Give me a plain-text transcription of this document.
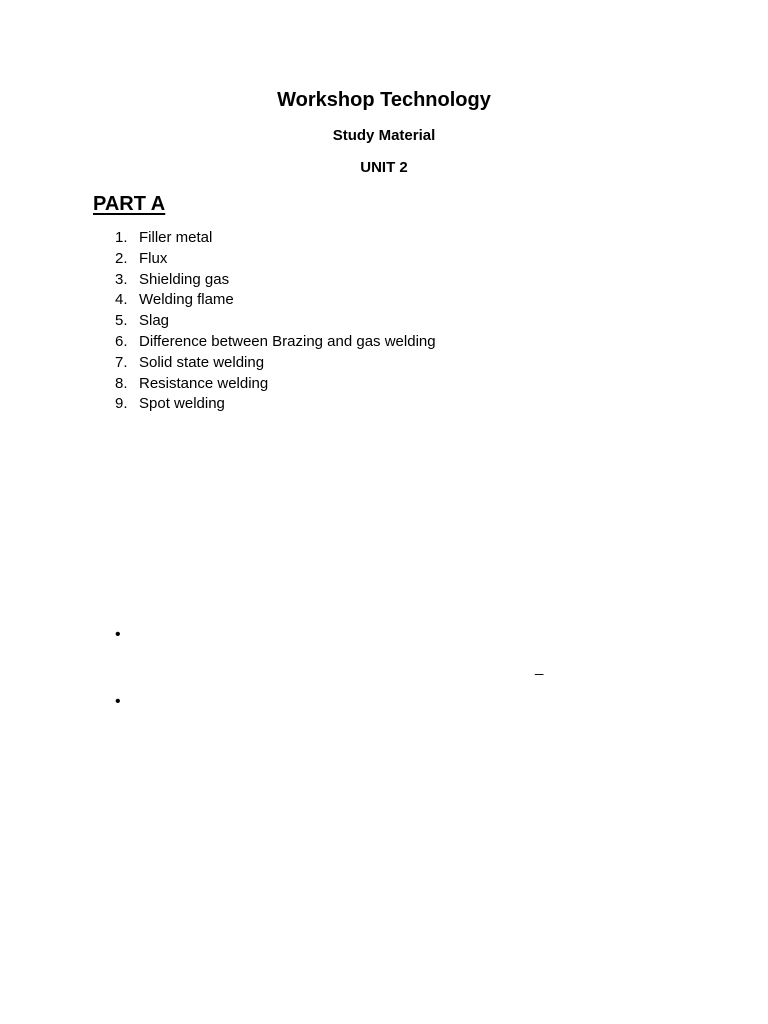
Workshop Technology
Study Material
UNIT 2
PART A
1. Filler metal
2. Flux
3. Shielding gas
4. Welding flame
5. Slag
6. Difference between Brazing and gas welding
7. Solid state welding
8. Resistance welding
9. Spot welding
•
_
•
